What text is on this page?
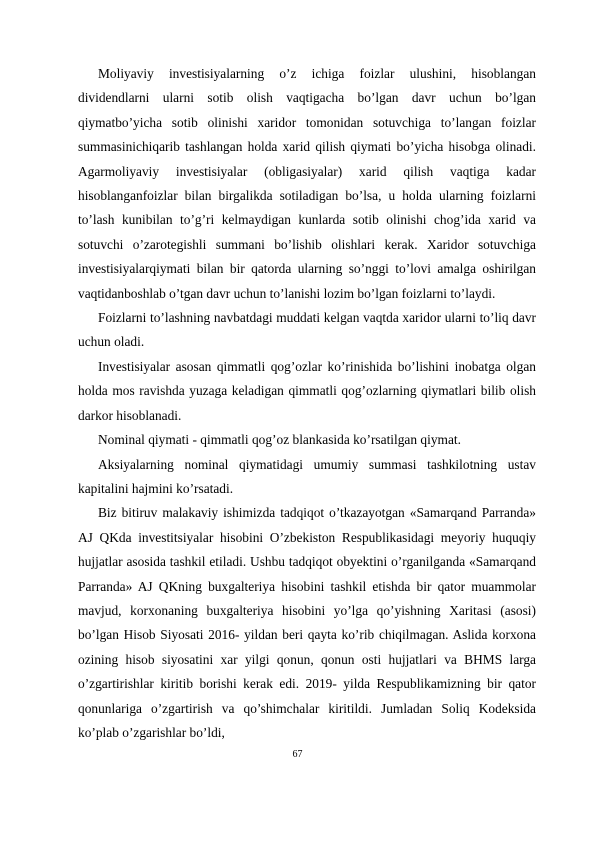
Moliyaviy investisiyalarning o’z ichiga foizlar ulushini, hisoblangan dividendlarni ularni sotib olish vaqtigacha bo’lgan davr uchun bo’lgan qiymatbo’yicha sotib olinishi xaridor tomonidan sotuvchiga to’langan foizlar summasinichiqarib tashlangan holda xarid qilish qiymati bo’yicha hisobga olinadi. Agarmoliyaviy investisiyalar (obligasiyalar) xarid qilish vaqtiga kadar hisoblanganfoizlar bilan birgalikda sotiladigan bo’lsa, u holda ularning foizlarni to’lash kunibilan to’g’ri kelmaydigan kunlarda sotib olinishi chog’ida xarid va sotuvchi o’zaroteg​ishli summani bo’lishib olishlari kerak. Xaridor sotuvchiga investisiyalarqiymati bilan bir qatorda ularning so’nggi to’lovi amalga oshirilgan vaqtidanboshlab o’tgan davr uchun to’lanishi lozim bo’lgan foizlarni to’laydi.

Foizlarni to’lashning navbatdagi muddati kelgan vaqtda xaridor ularni to’liq davr uchun oladi.

Investisiyalar asosan qimmatli qog’ozlar ko’rinishida bo’lishini inobatga olgan holda mos ravishda yuzaga keladigan qimmatli qog’ozlarning qiymatlari bilib olish darkor hisoblanadi.

Nominal qiymati - qimmatli qog’oz blankasida ko’rsatilgan qiymat.

Aksiyalarning nominal qiymatidagi umumiy summasi tashkilotning ustav kapitalini hajmini ko’rsatadi.

Biz bitiruv malakaviy ishimizda tadqiqot o’tkazayotgan «Samarqand Parranda» AJ QKda investitsiyalar hisobini O’zbekiston Respublikasidagi meyoriy huquqiy hujjatlar asosida tashkil etiladi. Ushbu tadqiqot obyektini o’rganilganda «Samarqand Parranda» AJ QKning buxgalteriya hisobini tashkil etishda bir qator muammolar mavjud, korxonaning buxgalteriya hisobini yo’lga qo’yishning Xaritasi (asosi) bo’lgan Hisob Siyosati 2016- yildan beri qayta ko’rib chiqilmagan. Aslida korxona ozining hisob siyosatini xar yilgi qonun, qonun osti hujjatlari va BHMS larga o’zgartirishlar kiritib borishi kerak edi. 2019- yilda Respublikamizning bir qator qonunlariga o’zgartirish va qo’shimchalar kiritildi. Jumladan Soliq Kodeksida ko’plab o’zgarishlar bo’ldi,

67
